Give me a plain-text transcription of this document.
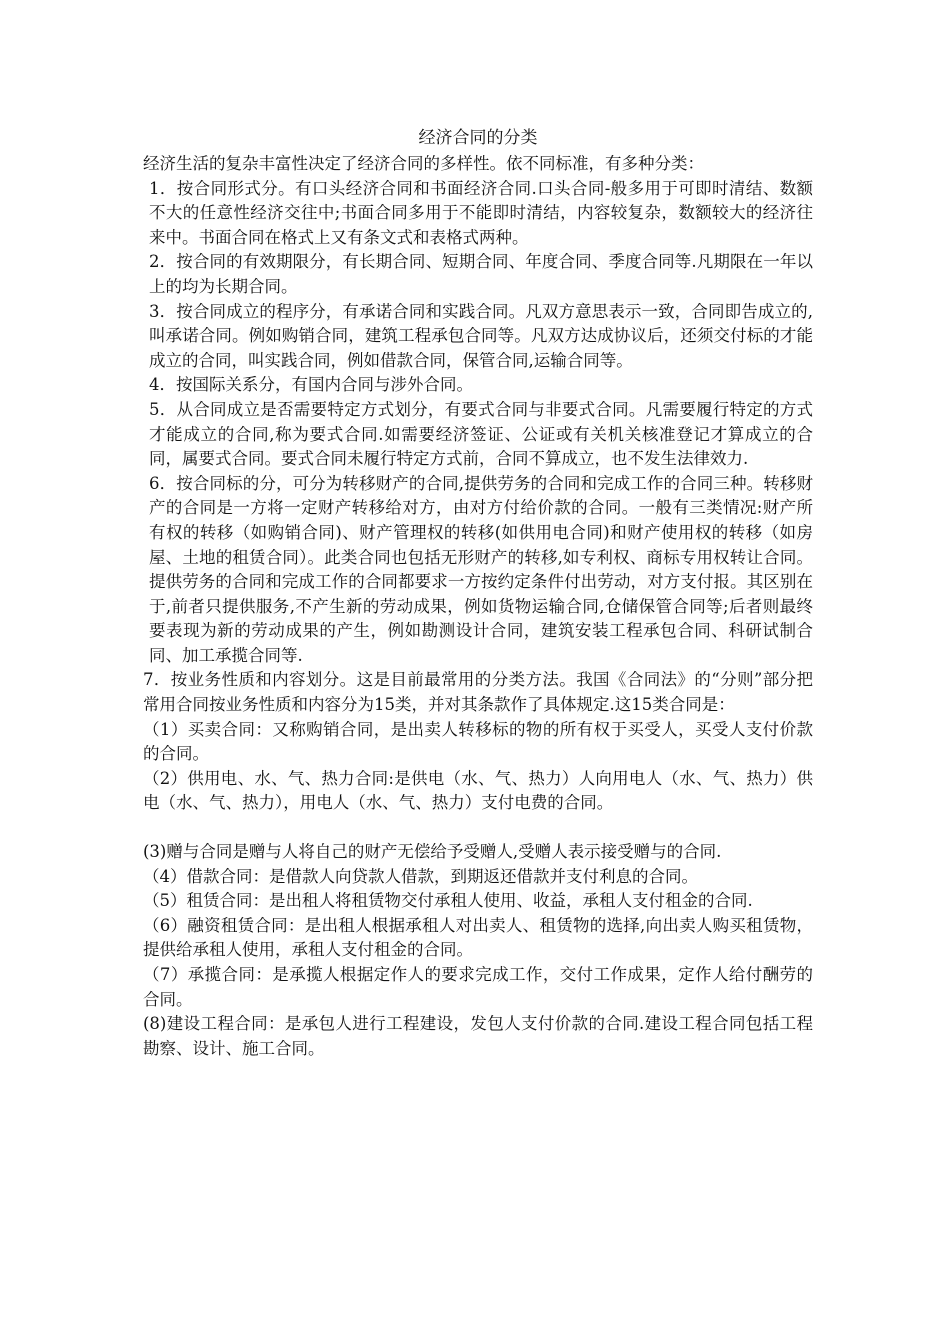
经济合同的分类

经济生活的复杂丰富性决定了经济合同的多样性。依不同标准，有多种分类：

1．按合同形式分。有口头经济合同和书面经济合同.口头合同-般多用于可即时清结、数额不大的任意性经济交往中;书面合同多用于不能即时清结，内容较复杂，数额较大的经济往来中。书面合同在格式上又有条文式和表格式两种。

2．按合同的有效期限分，有长期合同、短期合同、年度合同、季度合同等.凡期限在一年以上的均为长期合同。

3．按合同成立的程序分，有承诺合同和实践合同。凡双方意思表示一致，合同即告成立的,叫承诺合同。例如购销合同，建筑工程承包合同等。凡双方达成协议后，还须交付标的才能成立的合同，叫实践合同，例如借款合同，保管合同,运输合同等。

4．按国际关系分，有国内合同与涉外合同。

5．从合同成立是否需要特定方式划分，有要式合同与非要式合同。凡需要履行特定的方式才能成立的合同,称为要式合同.如需要经济签证、公证或有关机关核准登记才算成立的合同，属要式合同。要式合同未履行特定方式前，合同不算成立，也不发生法律效力.

6．按合同标的分，可分为转移财产的合同,提供劳务的合同和完成工作的合同三种。转移财产的合同是一方将一定财产转移给对方，由对方付给价款的合同。一般有三类情况:财产所有权的转移（如购销合同)、财产管理权的转移(如供用电合同)和财产使用权的转移（如房屋、土地的租赁合同）。此类合同也包括无形财产的转移,如专利权、商标专用权转让合同。提供劳务的合同和完成工作的合同都要求一方按约定条件付出劳动，对方支付报。其区别在于,前者只提供服务,不产生新的劳动成果，例如货物运输合同,仓储保管合同等;后者则最终要表现为新的劳动成果的产生，例如勘测设计合同，建筑安装工程承包合同、科研试制合同、加工承揽合同等.

7．按业务性质和内容划分。这是目前最常用的分类方法。我国《合同法》的“分则”部分把常用合同按业务性质和内容分为15类，并对其条款作了具体规定.这15类合同是：

（1）买卖合同：又称购销合同，是出卖人转移标的物的所有权于买受人，买受人支付价款的合同。

（2）供用电、水、气、热力合同:是供电（水、气、热力）人向用电人（水、气、热力）供电（水、气、热力），用电人（水、气、热力）支付电费的合同。

(3)赠与合同是赠与人将自己的财产无偿给予受赠人,受赠人表示接受赠与的合同.

（4）借款合同：是借款人向贷款人借款，到期返还借款并支付利息的合同。

（5）租赁合同：是出租人将租赁物交付承租人使用、收益，承租人支付租金的合同.

（6）融资租赁合同：是出租人根据承租人对出卖人、租赁物的选择,向出卖人购买租赁物，提供给承租人使用，承租人支付租金的合同。

（7）承揽合同：是承揽人根据定作人的要求完成工作，交付工作成果，定作人给付酬劳的合同。

(8)建设工程合同：是承包人进行工程建设，发包人支付价款的合同.建设工程合同包括工程勘察、设计、施工合同。
